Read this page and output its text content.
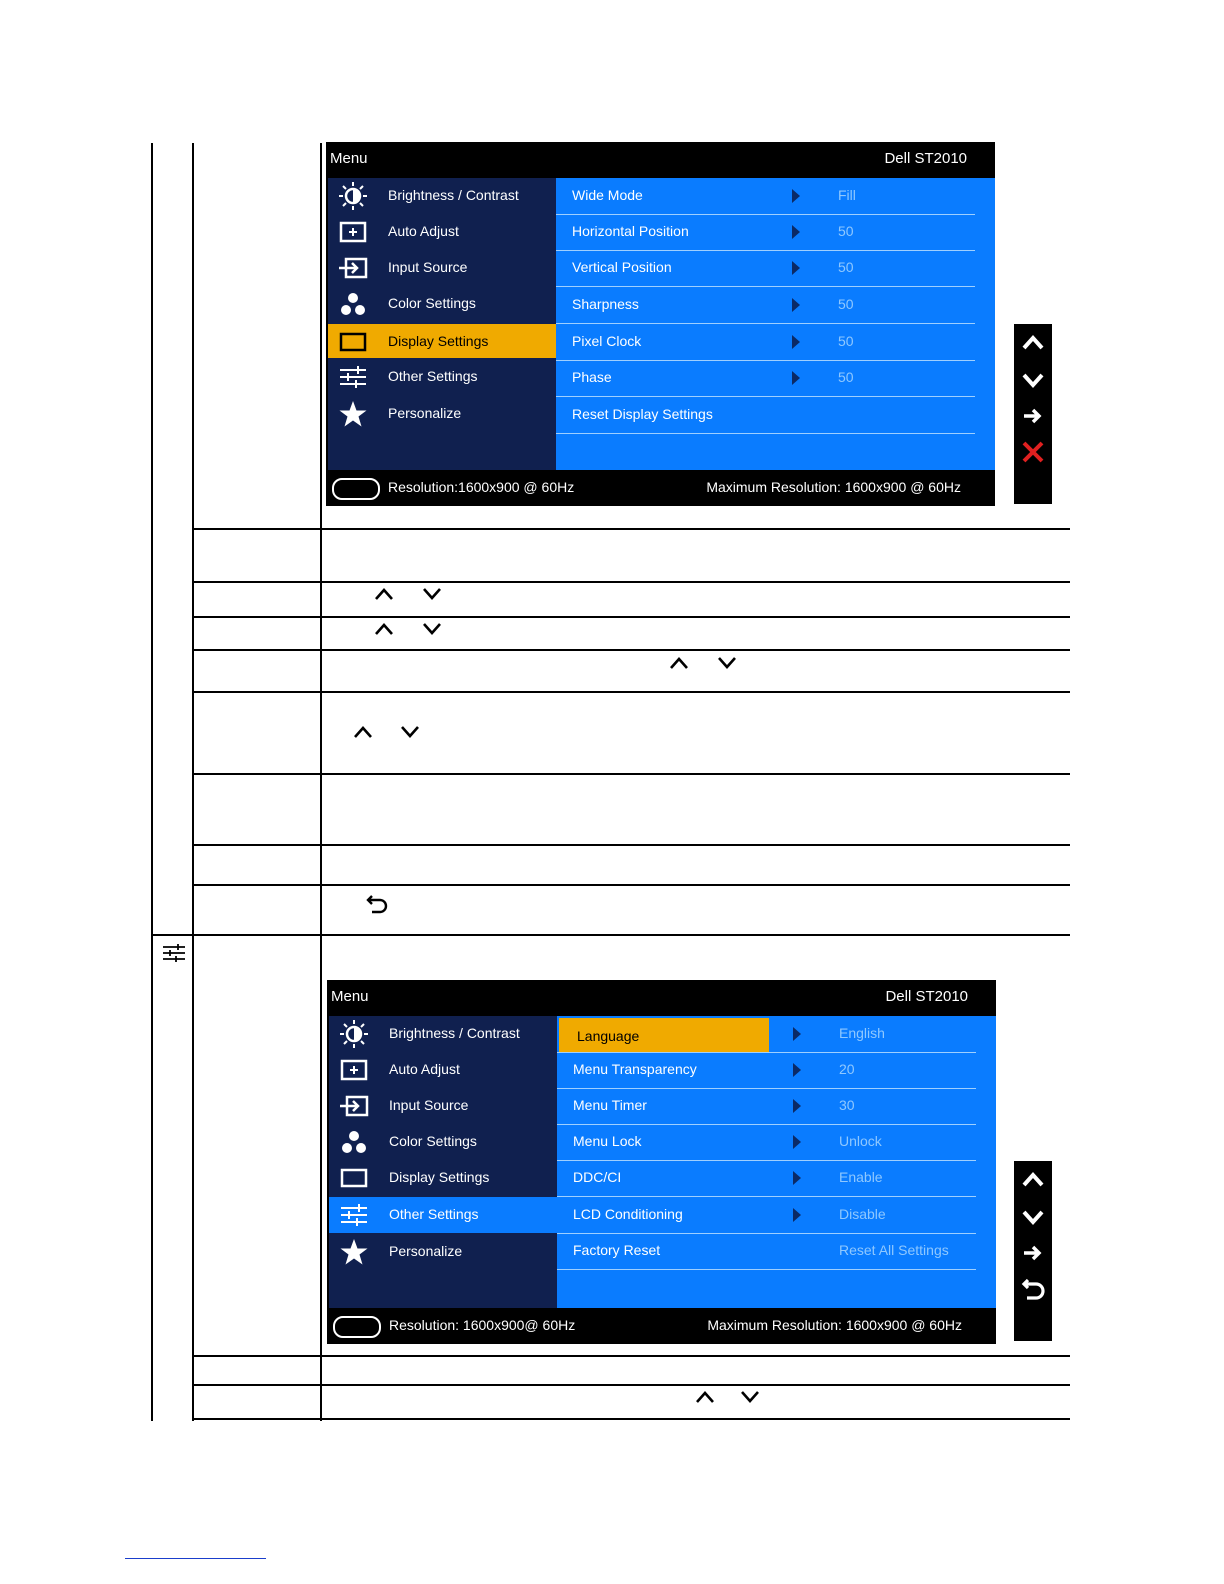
Menu	Dell ST2010
Brightness / Contrast
Auto Adjust
Input Source
Color Settings
Display Settings
Other Settings
Personalize
Wide Mode	Fill
Horizontal Position	50
Vertical Position	50
Sharpness	50
Pixel Clock	50
Phase	50
Reset Display Settings
Resolution:1600x900 @ 60Hz	Maximum Resolution: 1600x900 @ 60Hz
Menu	Dell ST2010
Brightness / Contrast
Auto Adjust
Input Source
Color Settings
Display Settings
Other Settings
Personalize
Language	English
Menu Transparency	20
Menu Timer	30
Menu Lock	Unlock
DDC/CI	Enable
LCD Conditioning	Disable
Factory Reset	Reset All Settings
Resolution: 1600x900@ 60Hz	Maximum Resolution: 1600x900 @ 60Hz
